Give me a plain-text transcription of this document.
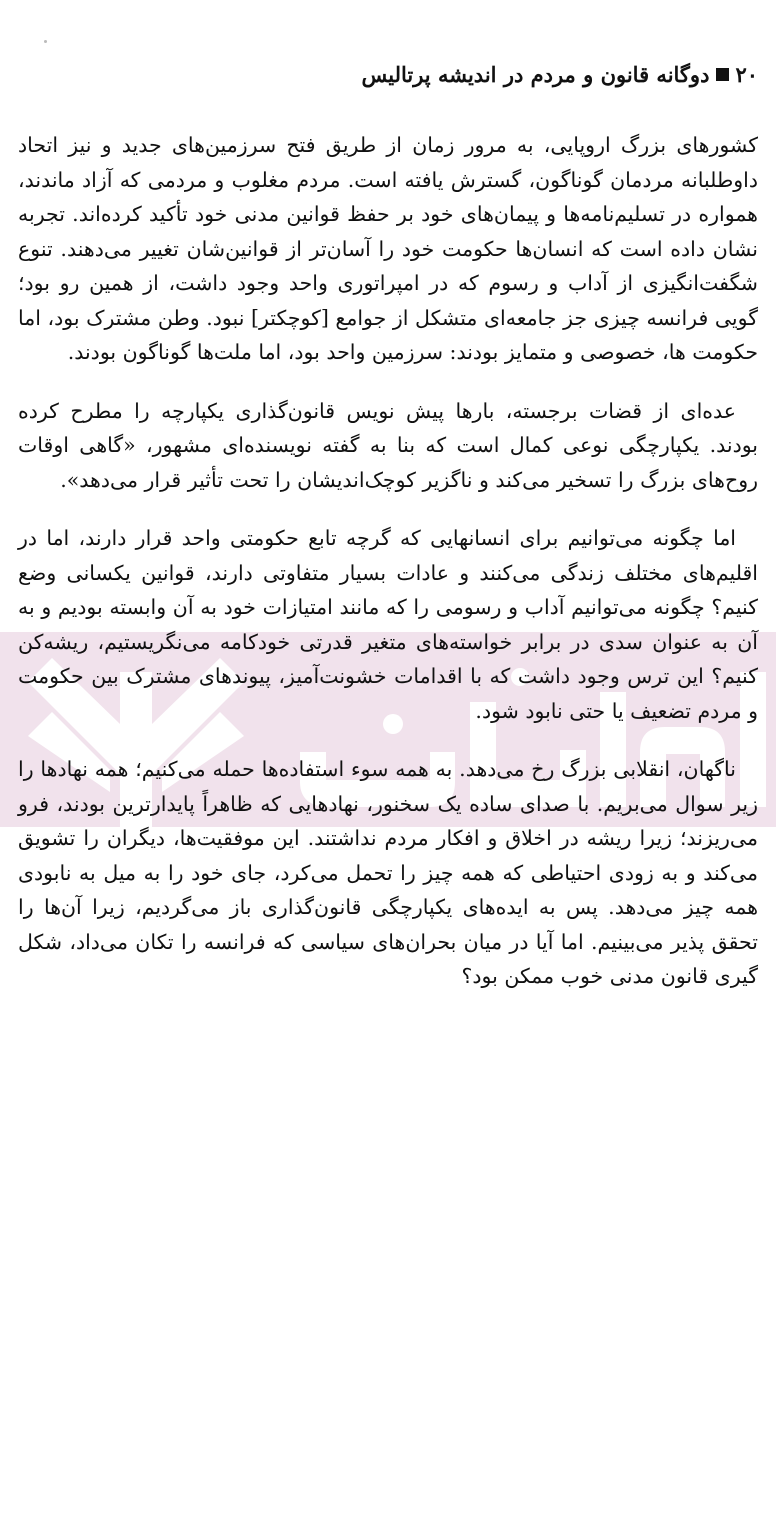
۲۰دوگانه قانون و مردم در اندیشه پرتالیس

کشورهای بزرگ اروپایی، به مرور زمان از طریق فتح سرزمین‌های جدید و نیز اتحاد داوطلبانه مردمان گوناگون، گسترش یافته است. مردم مغلوب و مردمی که آزاد ماندند، همواره در تسلیم‌نامه‌ها و پیمان‌های خود بر حفظ قوانین مدنی خود تأکید کرده‌اند. تجربه نشان داده است که انسان‌ها حکومت خود را آسان‌تر از قوانین‌شان تغییر می‌دهند. تنوع شگفت‌انگیزی از آداب و رسوم که در امپراتوری واحد وجود داشت، از همین رو بود؛ گویی فرانسه چیزی جز جامعه‌ای متشکل از جوامع [کوچکتر] نبود. وطن مشترک بود، اما حکومت ها، خصوصی و متمایز بودند: سرزمین واحد بود، اما ملت‌ها گوناگون بودند.

عده‌ای از قضات برجسته، بارها پیش نویس قانون‌گذاری یکپارچه را مطرح کرده بودند. یکپارچگی نوعی کمال است که بنا به گفته نویسنده‌ای مشهور، «گاهی اوقات روح‌های بزرگ را تسخیر می‌کند و ناگزیر کوچک‌اندیشان را تحت تأثیر قرار می‌دهد».

اما چگونه می‌توانیم برای انسانهایی که گرچه تابع حکومتی واحد قرار دارند، اما در اقلیم‌های مختلف زندگی می‌کنند و عادات بسیار متفاوتی دارند، قوانین یکسانی وضع کنیم؟ چگونه می‌توانیم آداب و رسومی را که مانند امتیازات خود به آن وابسته بودیم و به آن به عنوان سدی در برابر خواسته‌های متغیر قدرتی خودکامه می‌نگریستیم، ریشه‌کن کنیم؟ این ترس وجود داشت که با اقدامات خشونت‌آمیز، پیوندهای مشترک بین حکومت و مردم تضعیف یا حتی نابود شود.

ناگهان، انقلابی بزرگ رخ می‌دهد. به همه سوء استفاده‌ها حمله می‌کنیم؛ همه نهادها را زیر سوال می‌بریم. با صدای ساده یک سخنور، نهادهایی که ظاهراً پایدارترین بودند، فرو می‌ریزند؛ زیرا ریشه در اخلاق و افکار مردم نداشتند. این موفقیت‌ها، دیگران را تشویق می‌کند و به زودی احتیاطی که همه چیز را تحمل می‌کرد، جای خود را به میل به نابودی همه چیز می‌دهد. پس به ایده‌های یکپارچگی قانون‌گذاری باز می‌گردیم، زیرا آن‌ها را تحقق پذیر می‌بینیم. اما آیا در میان بحران‌های سیاسی که فرانسه را تکان می‌داد، شکل گیری قانون مدنی خوب ممکن بود؟
